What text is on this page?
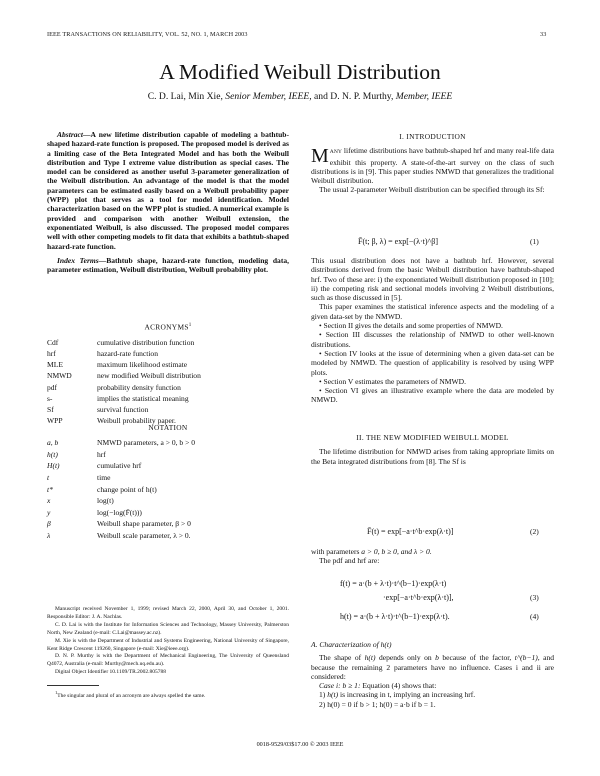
IEEE TRANSACTIONS ON RELIABILITY, VOL. 52, NO. 1, MARCH 2003	33
A Modified Weibull Distribution
C. D. Lai, Min Xie, Senior Member, IEEE, and D. N. P. Murthy, Member, IEEE

Abstract—A new lifetime distribution capable of modeling a bathtub-shaped hazard-rate function is proposed. The proposed model is derived as a limiting case of the Beta Integrated Model and has both the Weibull distribution and Type I extreme value distribution as special cases. The model can be considered as another useful 3-parameter generalization of the Weibull distribution. An advantage of the model is that the model parameters can be estimated easily based on a Weibull probability paper (WPP) plot that serves as a tool for model identification. Model characterization based on the WPP plot is studied. A numerical example is provided and comparison with another Weibull extension, the exponentiated Weibull, is also discussed. The proposed model compares well with other competing models to fit data that exhibits a bathtub-shaped hazard-rate function.

Index Terms—Bathtub shape, hazard-rate function, modeling data, parameter estimation, Weibull distribution, Weibull probability plot.

ACRONYMS$^1$
Cdf	cumulative distribution function
hrf	hazard-rate function
MLE	maximum likelihood estimate
NMWD	new modified Weibull distribution
pdf	probability density function
s-	implies the statistical meaning
Sf	survival function
WPP	Weibull probability paper.
NOTATION
a, b	NMWD parameters, a > 0, b > 0
h(t)	hrf
H(t)	cumulative hrf
t	time
t*	change point of h(t)
x	log(t)
y	log(−log(F̄(t)))
β	Weibull shape parameter, β > 0
λ	Weibull scale parameter, λ > 0.

Manuscript received November 1, 1999; revised March 22, 2000, April 30, and October 1, 2001. Responsible Editor: J. A. Nachlas.

C. D. Lai is with the Institute for Information Sciences and Technology, Massey University, Palmerston North, New Zealand (e-mail: C.Lai@massey.ac.nz).

M. Xie is with the Department of Industrial and Systems Engineering, National University of Singapore, Kent Ridge Crescent 119260, Singapore (e-mail: Xie@ieee.org).

D. N. P. Murthy is with the Department of Mechanical Engineering, The University of Queensland Q4072, Australia (e-mail: Murthy@mech.uq.edu.au).

Digital Object Identifier 10.1109/TR.2002.805788

$^1$The singular and plural of an acronym are always spelled the same.

I. INTRODUCTION

MANY lifetime distributions have bathtub-shaped hrf and many real-life data exhibit this property. A state-of-the-art survey on the class of such distributions is in [9]. This paper studies NMWD that generalizes the traditional Weibull distribution.

The usual 2-parameter Weibull distribution can be specified through its Sf:

F̄(t; β, λ) = exp[−(λ·t)^β]	(1)

This usual distribution does not have a bathtub hrf. However, several distributions derived from the basic Weibull distribution have bathtub-shaped hrf. Two of these are: i) the exponentiated Weibull distribution proposed in [10]; ii) the competing risk and sectional models involving 2 Weibull distributions, such as those discussed in [5].

This paper examines the statistical inference aspects and the modeling of a given data-set by the NMWD.

• Section II gives the details and some properties of NMWD.

• Section III discusses the relationship of NMWD to other well-known distributions.

• Section IV looks at the issue of determining when a given data-set can be modeled by NMWD. The question of applicability is resolved by using WPP plots.

• Section V estimates the parameters of NMWD.

• Section VI gives an illustrative example where the data are modeled by NMWD.

II. THE NEW MODIFIED WEIBULL MODEL

The lifetime distribution for NMWD arises from taking appropriate limits on the Beta integrated distributions from [8]. The Sf is

F̄(t) = exp[−a·t^b·exp(λ·t)]	(2)

with parameters a > 0, b ≥ 0, and λ > 0.

The pdf and hrf are:

f(t) = a·(b + λ·t)·t^(b−1)·exp(λ·t)
·exp[−a·t^b·exp(λ·t)],	(3)
h(t) = a·(b + λ·t)·t^(b−1)·exp(λ·t).	(4)

A. Characterization of h(t)

The shape of h(t) depends only on b because of the factor, t^(b−1), and because the remaining 2 parameters have no influence. Cases i and ii are considered:

Case i: b ≥ 1: Equation (4) shows that:

1) h(t) is increasing in t, implying an increasing hrf.

2) h(0) = 0 if b > 1; h(0) = a·b if b = 1.

0018-9529/03$17.00 © 2003 IEEE
